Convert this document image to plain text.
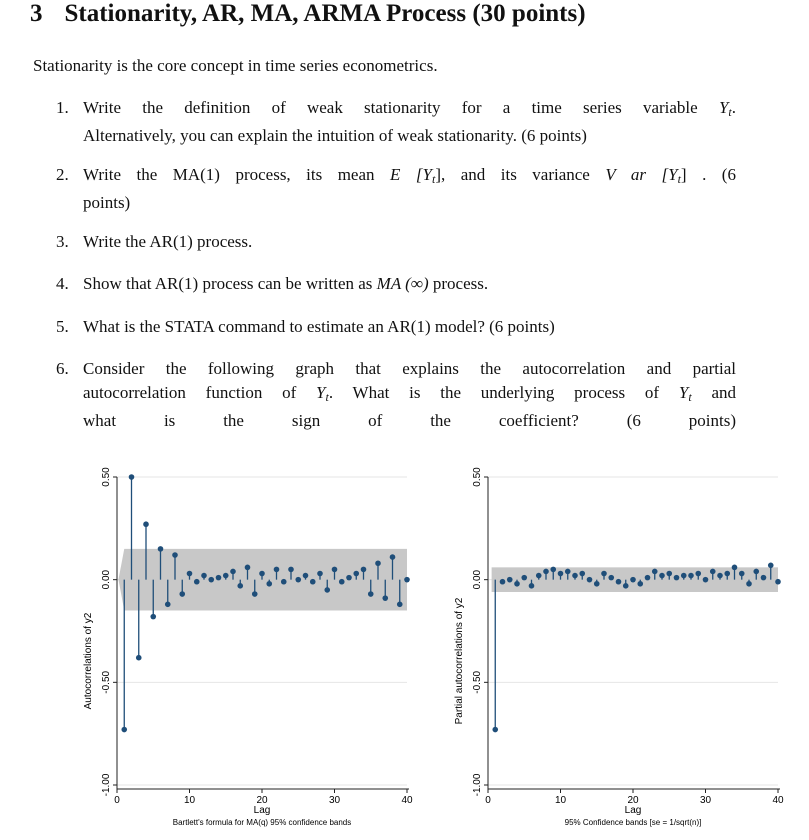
3 Stationarity, AR, MA, ARMA Process (30 points)
Stationarity is the core concept in time series econometrics.
1. Write the definition of weak stationarity for a time series variable $Y_t$.
Alternatively, you can explain the intuition of weak stationarity. (6 points)
2. Write the MA(1) process, its mean E $[Y_t]$, and its variance V ar $[Y_t]$ . (6
points)
3. Write the AR(1) process.
4. Show that AR(1) process can be written as MA (∞) process.
5. What is the STATA command to estimate an AR(1) model? (6 points)
6. Consider the following graph that explains the autocorrelation and partial
autocorrelation function of $Y_t$. What is the underlying process of $Y_t$ and
what is the sign of the coefficient? (6 points)
0.50
0.00
-0.50
-1.00
Autocorrelations of y2
0	10	20	30	40
Lag
Bartlett's formula for MA(q) 95% confidence bands
0.50
0.00
-0.50
-1.00
Partial autocorrelations of y2
0	10	20	30	40
Lag
95% Confidence bands [se = 1/sqrt(n)]
